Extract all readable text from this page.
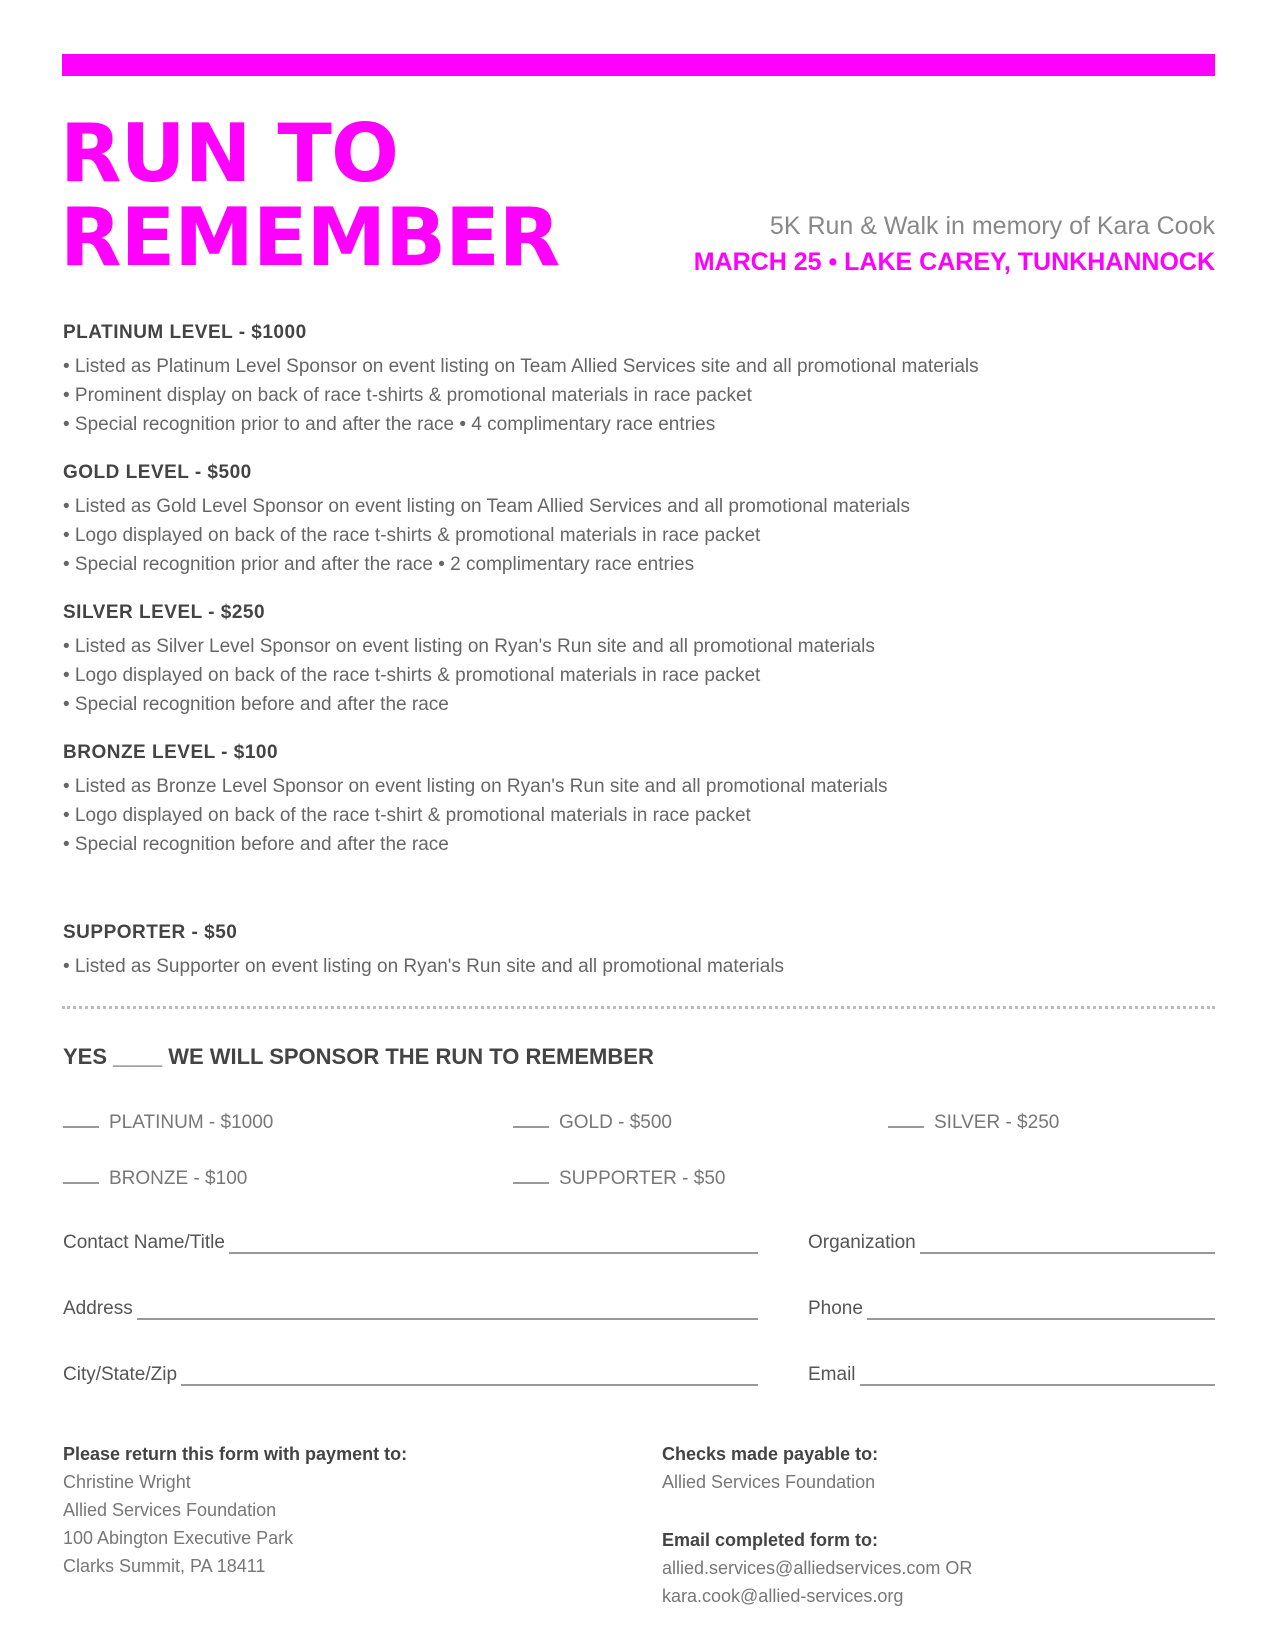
RUN TO
REMEMBER	5K Run & Walk in memory of Kara Cook

MARCH 25 • LAKE CAREY, TUNKHANNOCK

PLATINUM LEVEL - $1000

• Listed as Platinum Level Sponsor on event listing on Team Allied Services site and all promotional materials

• Prominent display on back of race t-shirts & promotional materials in race packet

• Special recognition prior to and after the race • 4 complimentary race entries

GOLD LEVEL - $500

• Listed as Gold Level Sponsor on event listing on Team Allied Services and all promotional materials

• Logo displayed on back of the race t-shirts & promotional materials in race packet

• Special recognition prior and after the race • 2 complimentary race entries

SILVER LEVEL - $250

• Listed as Silver Level Sponsor on event listing on Ryan's Run site and all promotional materials

• Logo displayed on back of the race t-shirts & promotional materials in race packet

• Special recognition before and after the race

BRONZE LEVEL - $100

• Listed as Bronze Level Sponsor on event listing on Ryan's Run site and all promotional materials

• Logo displayed on back of the race t-shirt & promotional materials in race packet

• Special recognition before and after the race

SUPPORTER - $50

• Listed as Supporter on event listing on Ryan's Run site and all promotional materials

YES ____ WE WILL SPONSOR THE RUN TO REMEMBER

PLATINUM - $1000	GOLD - $500	SILVER - $250
BRONZE - $100	SUPPORTER - $50
Contact Name/Title	Organization
Address	Phone
City/State/Zip	Email

Please return this form with payment to:

Christine Wright

Allied Services Foundation

100 Abington Executive Park

Clarks Summit, PA 18411

Checks made payable to:

Allied Services Foundation

Email completed form to:

allied.services@alliedservices.com OR

kara.cook@allied-services.org
